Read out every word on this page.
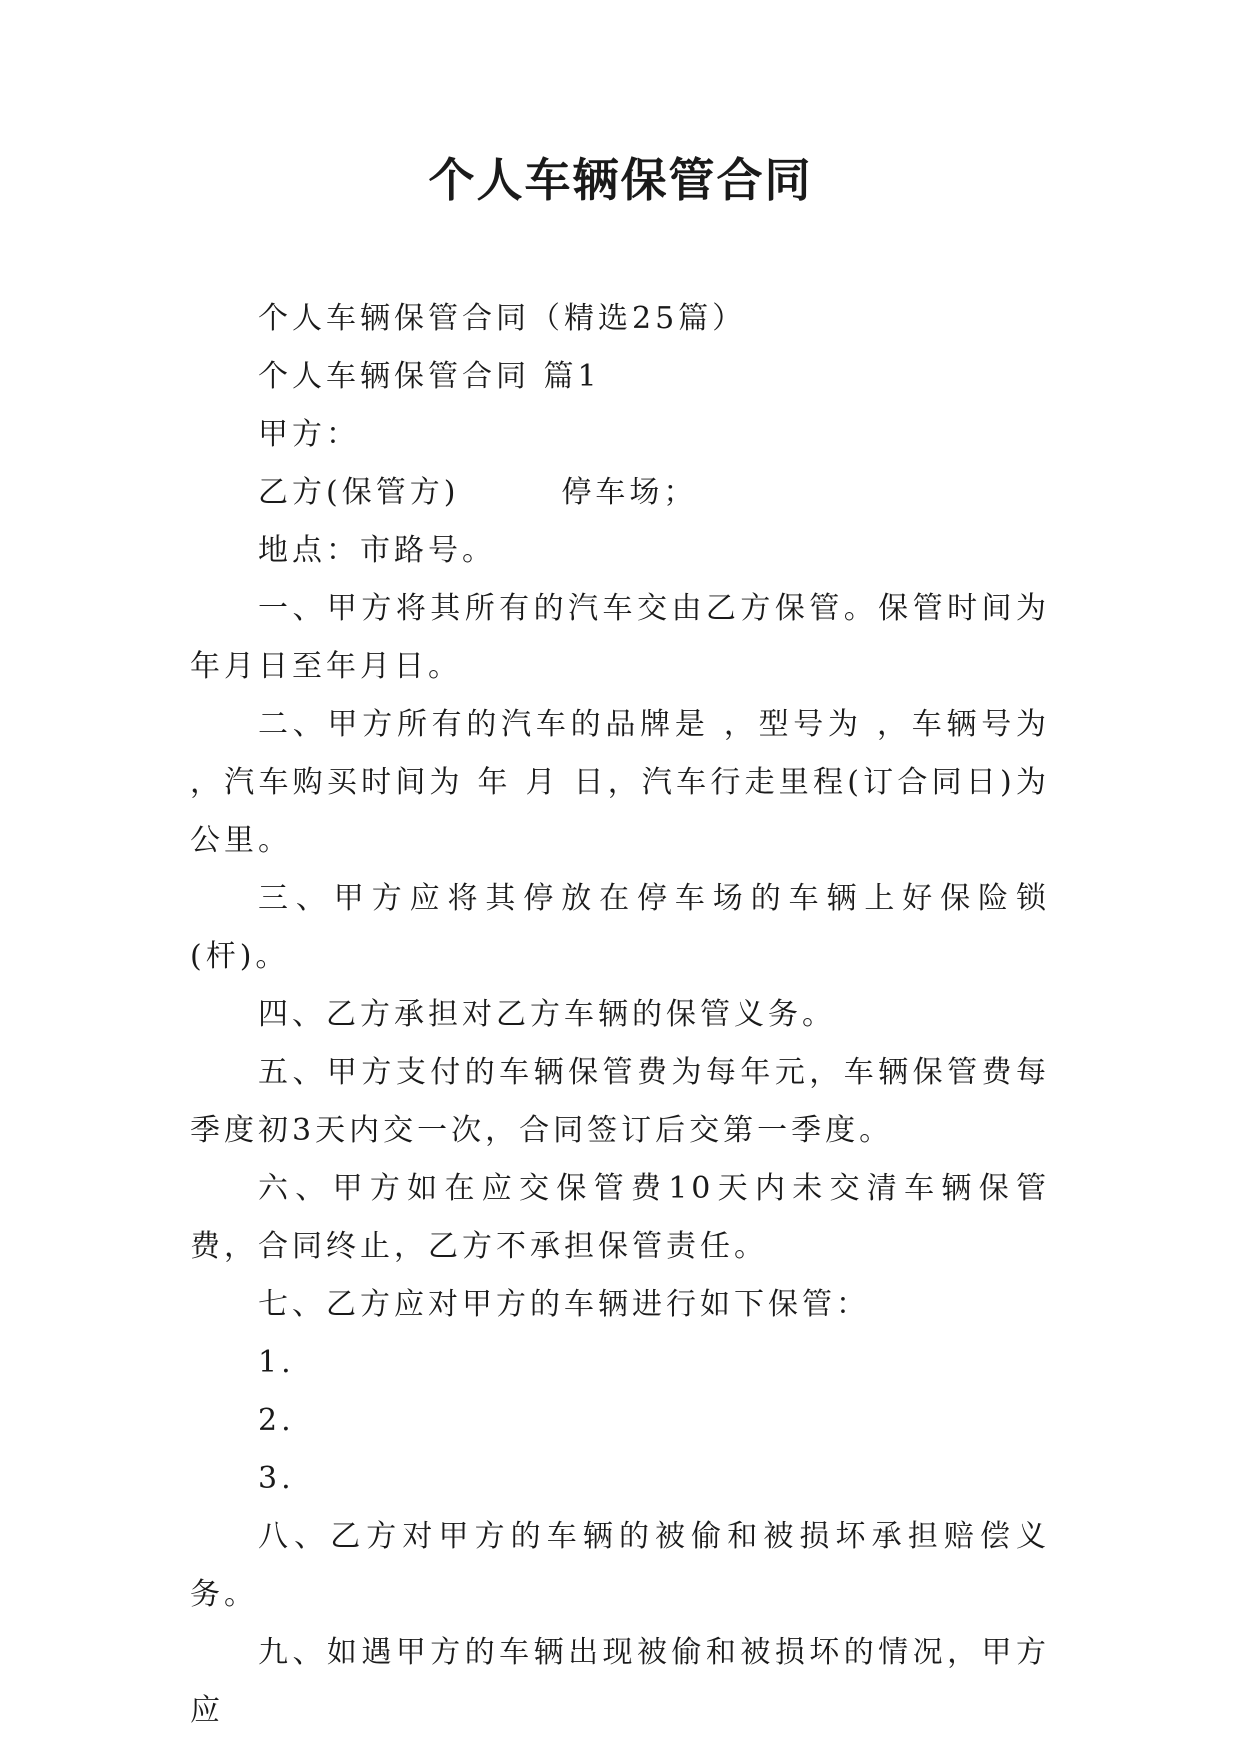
个人车辆保管合同

个人车辆保管合同（精选25篇）

个人车辆保管合同 篇1

甲方：

乙方(保管方)　　　停车场；

地点：市路号。

一、甲方将其所有的汽车交由乙方保管。保管时间为年月日至年月日。

二、甲方所有的汽车的品牌是 ，型号为 ，车辆号为 ，汽车购买时间为 年 月 日，汽车行走里程(订合同日)为 公里。

三、甲方应将其停放在停车场的车辆上好保险锁(杆)。

四、乙方承担对乙方车辆的保管义务。

五、甲方支付的车辆保管费为每年元，车辆保管费每季度初3天内交一次，合同签订后交第一季度。

六、甲方如在应交保管费10天内未交清车辆保管费，合同终止，乙方不承担保管责任。

七、乙方应对甲方的车辆进行如下保管：

1.

2.

3.

八、乙方对甲方的车辆的被偷和被损坏承担赔偿义务。

九、如遇甲方的车辆出现被偷和被损坏的情况，甲方应
